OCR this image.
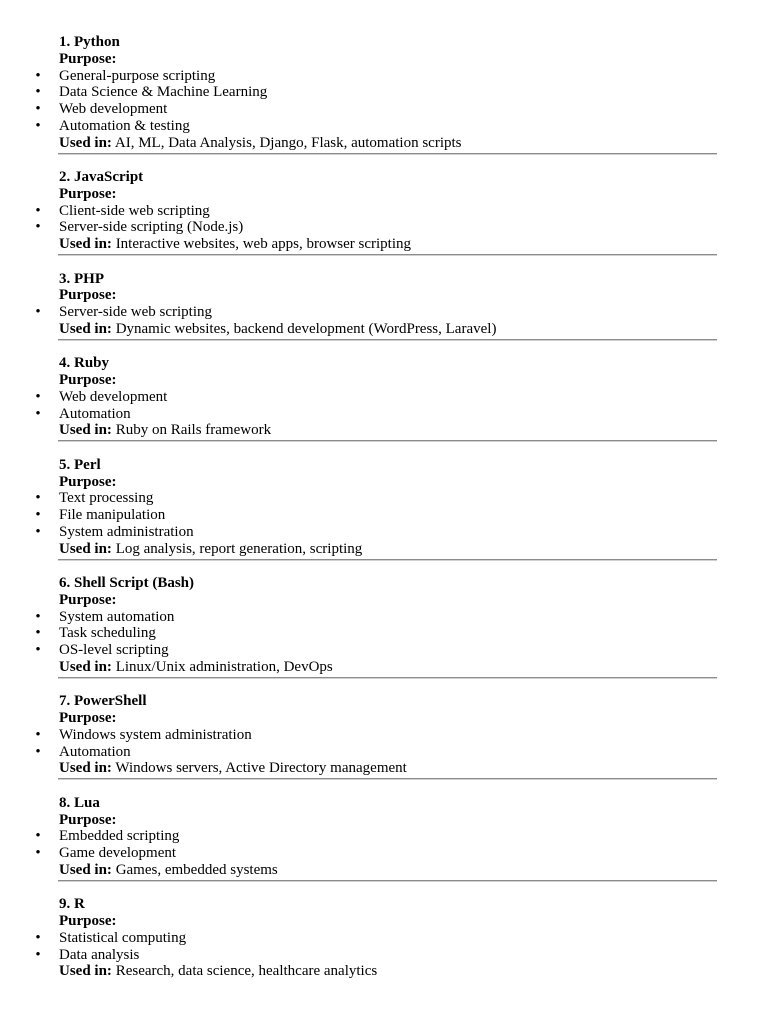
1. Python
Purpose:
• General-purpose scripting
• Data Science & Machine Learning
• Web development
• Automation & testing
Used in: AI, ML, Data Analysis, Django, Flask, automation scripts
2. JavaScript
Purpose:
• Client-side web scripting
• Server-side scripting (Node.js)
Used in: Interactive websites, web apps, browser scripting
3. PHP
Purpose:
• Server-side web scripting
Used in: Dynamic websites, backend development (WordPress, Laravel)
4. Ruby
Purpose:
• Web development
• Automation
Used in: Ruby on Rails framework
5. Perl
Purpose:
• Text processing
• File manipulation
• System administration
Used in: Log analysis, report generation, scripting
6. Shell Script (Bash)
Purpose:
• System automation
• Task scheduling
• OS-level scripting
Used in: Linux/Unix administration, DevOps
7. PowerShell
Purpose:
• Windows system administration
• Automation
Used in: Windows servers, Active Directory management
8. Lua
Purpose:
• Embedded scripting
• Game development
Used in: Games, embedded systems
9. R
Purpose:
• Statistical computing
• Data analysis
Used in: Research, data science, healthcare analytics
